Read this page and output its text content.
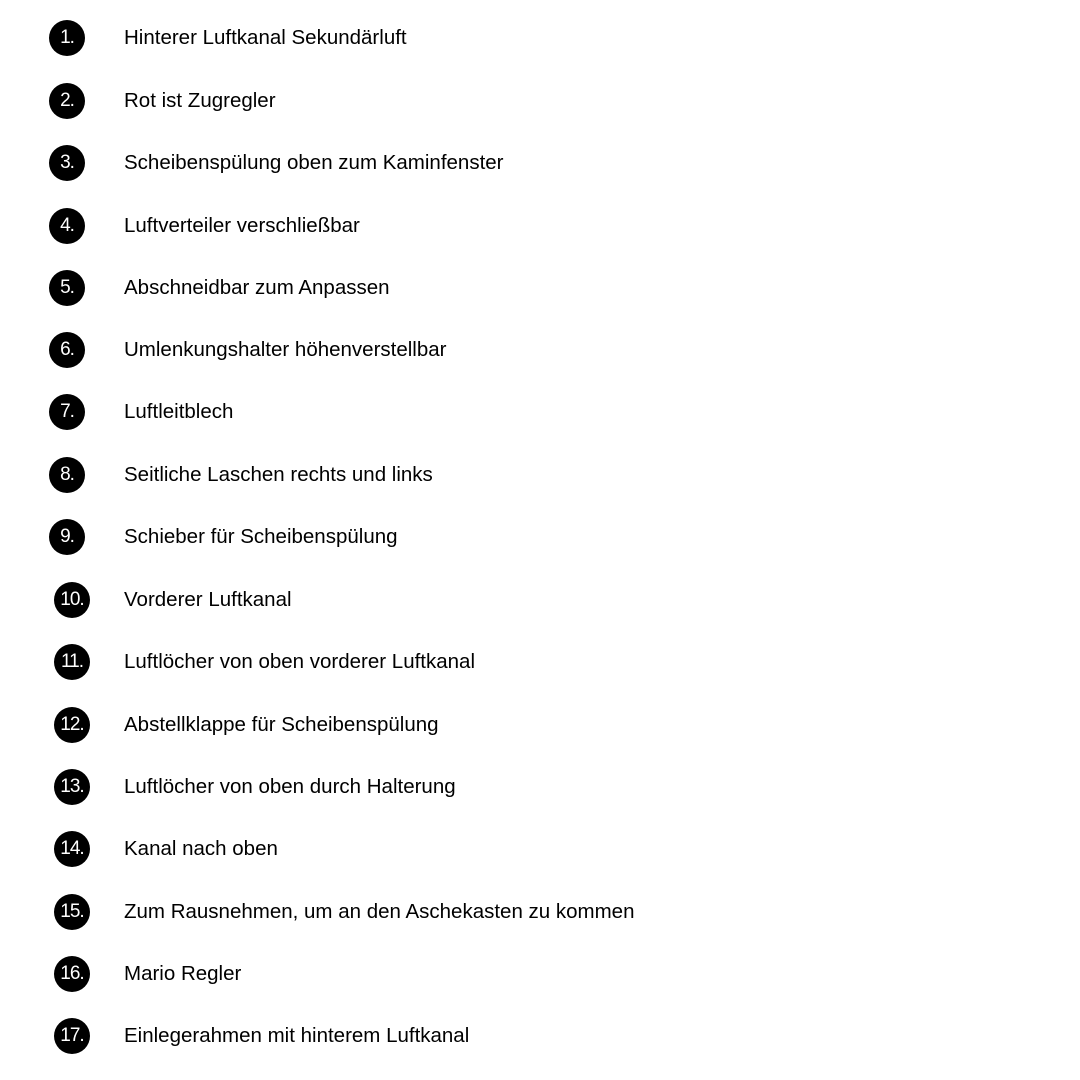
1.	Hinterer Luftkanal Sekundärluft
2.	Rot ist Zugregler
3.	Scheibenspülung oben zum Kaminfenster
4.	Luftverteiler verschließbar
5.	Abschneidbar zum Anpassen
6.	Umlenkungshalter höhenverstellbar
7.	Luftleitblech
8.	Seitliche Laschen rechts und links
9.	Schieber für Scheibenspülung
10.	Vorderer Luftkanal
11.	Luftlöcher von oben vorderer Luftkanal
12.	Abstellklappe für Scheibenspülung
13.	Luftlöcher von oben durch Halterung
14.	Kanal nach oben
15.	Zum Rausnehmen, um an den Aschekasten zu kommen
16.	Mario Regler
17.	Einlegerahmen mit hinterem Luftkanal
